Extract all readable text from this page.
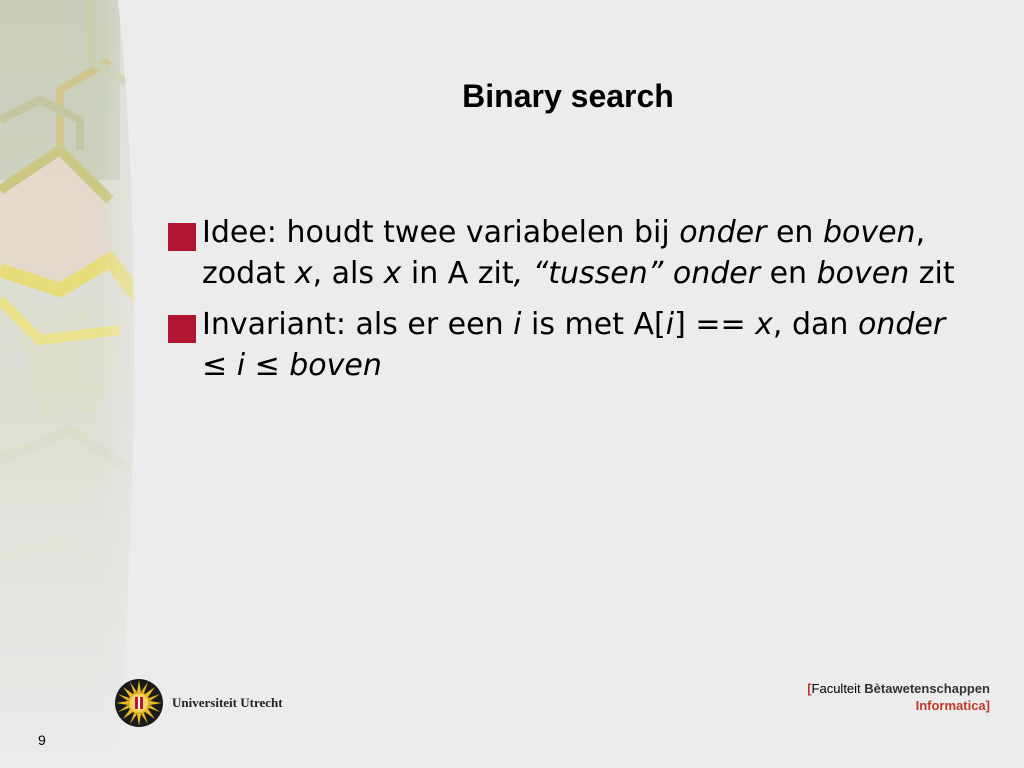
Binary search
Idee: houdt twee variabelen bij onder en boven, zodat x, als x in A zit, “tussen” onder en boven zit
Invariant: als er een i is met A[i] == x, dan onder ≤ i ≤ boven
Universiteit Utrecht
[Faculteit Bètawetenschappen
Informatica]
9
